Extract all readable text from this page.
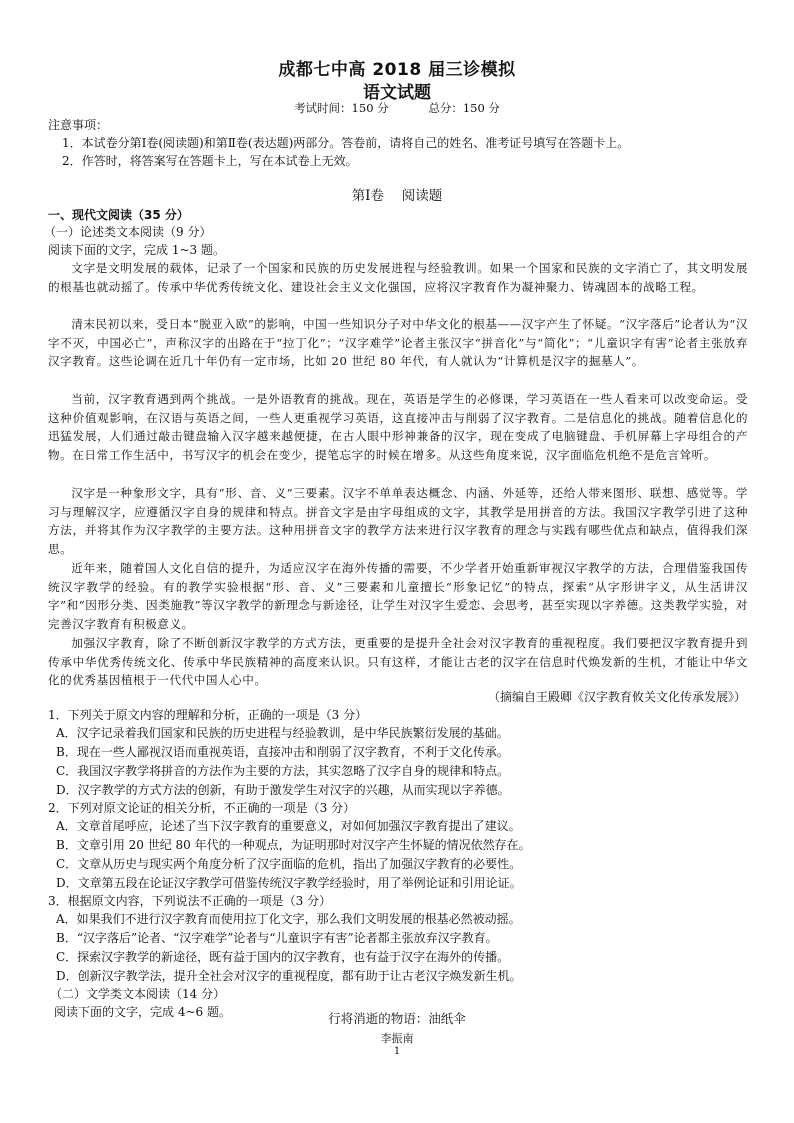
成都七中高 2018 届三诊模拟
语文试题
考试时间：150 分	总分：150 分
注意事项：
1．本试卷分第Ⅰ卷(阅读题)和第Ⅱ卷(表达题)两部分。答卷前，请将自己的姓名、准考证号填写在答题卡上。
2．作答时，将答案写在答题卡上，写在本试卷上无效。
第Ⅰ卷　 阅读题
一、现代文阅读（35 分）
（一）论述类文本阅读（9 分）
阅读下面的文字，完成 1~3 题。

文字是文明发展的载体，记录了一个国家和民族的历史发展进程与经验教训。如果一个国家和民族的文字消亡了，其文明发展的根基也就动摇了。传承中华优秀传统文化、建设社会主义文化强国，应将汉字教育作为凝神聚力、铸魂固本的战略工程。

清末民初以来，受日本“脱亚入欧”的影响，中国一些知识分子对中华文化的根基——汉字产生了怀疑。“汉字落后”论者认为“汉字不灭，中国必亡”，声称汉字的出路在于“拉丁化”；“汉字难学”论者主张汉字“拼音化”与“简化”；“儿童识字有害”论者主张放弃汉字教育。这些论调在近几十年仍有一定市场，比如 20 世纪 80 年代，有人就认为“计算机是汉字的掘墓人”。

当前，汉字教育遇到两个挑战。一是外语教育的挑战。现在，英语是学生的必修课，学习英语在一些人看来可以改变命运。受这种价值观影响，在汉语与英语之间，一些人更重视学习英语，这直接冲击与削弱了汉字教育。二是信息化的挑战。随着信息化的迅猛发展，人们通过敲击键盘输入汉字越来越便捷，在古人眼中形神兼备的汉字，现在变成了电脑键盘、手机屏幕上字母组合的产物。在日常工作生活中，书写汉字的机会在变少，提笔忘字的时候在增多。从这些角度来说，汉字面临危机绝不是危言耸听。

汉字是一种象形文字，具有“形、音、义”三要素。汉字不单单表达概念、内涵、外延等，还给人带来图形、联想、感觉等。学习与理解汉字，应遵循汉字自身的规律和特点。拼音文字是由字母组成的文字，其教学是用拼音的方法。我国汉字教学引进了这种方法，并将其作为汉字教学的主要方法。这种用拼音文字的教学方法来进行汉字教育的理念与实践有哪些优点和缺点，值得我们深思。

近年来，随着国人文化自信的提升，为适应汉字在海外传播的需要，不少学者开始重新审视汉字教学的方法，合理借鉴我国传统汉字教学的经验。有的教学实验根据“形、音、义”三要素和儿童擅长“形象记忆”的特点，探索“从字形讲字义，从生活讲汉字”和“因形分类、因类施教”等汉字教学的新理念与新途径，让学生对汉字生爱恋、会思考，甚至实现以字养德。这类教学实验，对完善汉字教育有积极意义。

加强汉字教育，除了不断创新汉字教学的方式方法，更重要的是提升全社会对汉字教育的重视程度。我们要把汉字教育提升到传承中华优秀传统文化、传承中华民族精神的高度来认识。只有这样，才能让古老的汉字在信息时代焕发新的生机，才能让中华文化的优秀基因植根于一代代中国人心中。

（摘编自王殿卿《汉字教育攸关文化传承发展》）
1．下列关于原文内容的理解和分析，正确的一项是（3 分）
A．汉字记录着我们国家和民族的历史进程与经验教训，是中华民族繁衍发展的基础。
B．现在一些人鄙视汉语而重视英语，直接冲击和削弱了汉字教育，不利于文化传承。
C．我国汉字教学将拼音的方法作为主要的方法，其实忽略了汉字自身的规律和特点。
D．汉字教学的方式方法的创新，有助于激发学生对汉字的兴趣，从而实现以字养德。
2．下列对原文论证的相关分析，不正确的一项是（3 分）
A．文章首尾呼应，论述了当下汉字教育的重要意义，对如何加强汉字教育提出了建议。
B．文章引用 20 世纪 80 年代的一种观点，为证明那时对汉字产生怀疑的情况依然存在。
C．文章从历史与现实两个角度分析了汉字面临的危机，指出了加强汉字教育的必要性。
D．文章第五段在论证汉字教学可借鉴传统汉字教学经验时，用了举例论证和引用论证。
3．根据原文内容，下列说法不正确的一项是（3 分）
A．如果我们不进行汉字教育而使用拉丁化文字，那么我们文明发展的根基必然被动摇。
B．“汉字落后”论者、“汉字难学”论者与“儿童识字有害”论者都主张放弃汉字教育。
C．探索汉字教学的新途径，既有益于国内的汉字教育，也有益于汉字在海外的传播。
D．创新汉字教学法，提升全社会对汉字的重视程度，都有助于让古老汉字焕发新生机。
（二）文学类文本阅读（14 分）
阅读下面的文字，完成 4~6 题。	行将消逝的物语：油纸伞
李振南
1
